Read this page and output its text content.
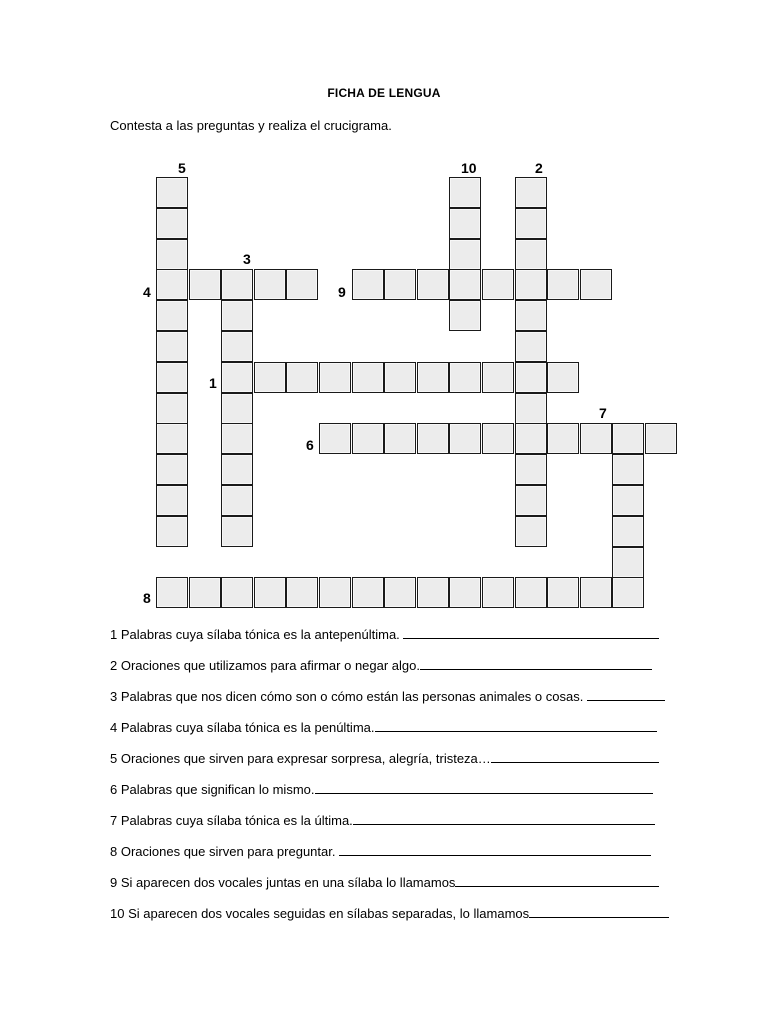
FICHA DE LENGUA
Contesta a las preguntas y realiza el crucigrama.
5	10	2
3
4	9
1
7
6
8
1 Palabras cuya sílaba tónica es la antepenúltima.
2 Oraciones que utilizamos para afirmar o negar algo.
3 Palabras que nos dicen cómo son o cómo están las personas animales o cosas.
4 Palabras cuya sílaba tónica es la penúltima.
5 Oraciones que sirven para expresar sorpresa, alegría, tristeza…
6 Palabras que significan lo mismo.
7 Palabras cuya sílaba tónica es la última.
8 Oraciones que sirven para preguntar.
9 Si aparecen dos vocales juntas en una sílaba lo llamamos
10 Si aparecen dos vocales seguidas en sílabas separadas, lo llamamos
